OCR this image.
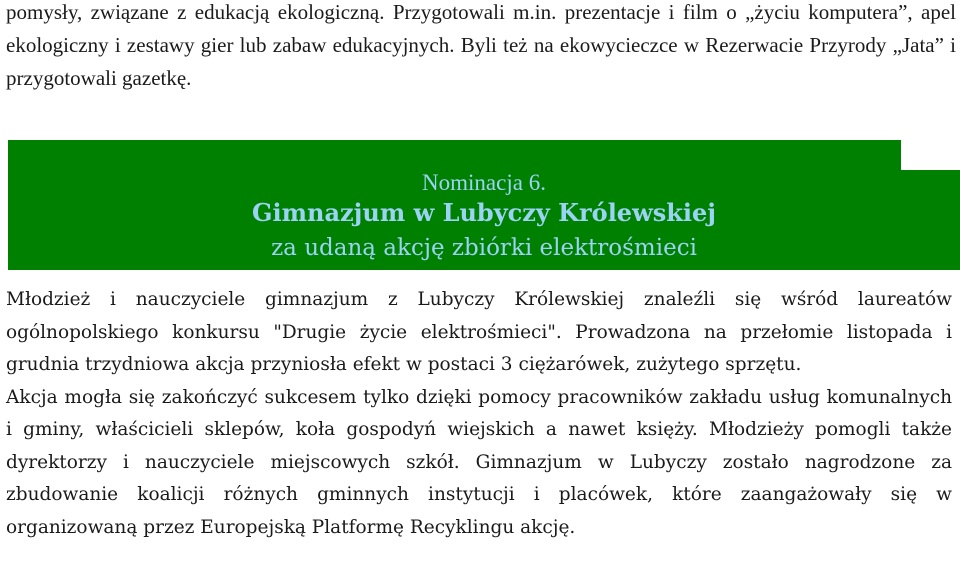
pomysły, związane z edukacją ekologiczną. Przygotowali m.in. prezentacje i film o „życiu komputera”, apel ekologiczny i zestawy gier lub zabaw edukacyjnych. Byli też na ekowycieczce w Rezerwacie Przyrody „Jata” i przygotowali gazetkę.

Nominacja 6.
Gimnazjum w Lubyczy Królewskiej
za udaną akcję zbiórki elektrośmieci

Młodzież i nauczyciele gimnazjum z Lubyczy Królewskiej znaleźli się wśród laureatów ogólnopolskiego konkursu "Drugie życie elektrośmieci". Prowadzona na przełomie listopada i grudnia trzydniowa akcja przyniosła efekt w postaci 3 ciężarówek, zużytego sprzętu.

Akcja mogła się zakończyć sukcesem tylko dzięki pomocy pracowników zakładu usług komunalnych i gminy, właścicieli sklepów, koła gospodyń wiejskich a nawet księży. Młodzieży pomogli także dyrektorzy i nauczyciele miejscowych szkół. Gimnazjum w Lubyczy zostało nagrodzone za zbudowanie koalicji różnych gminnych instytucji i placówek, które zaangażowały się w organizowaną przez Europejską Platformę Recyklingu akcję.
